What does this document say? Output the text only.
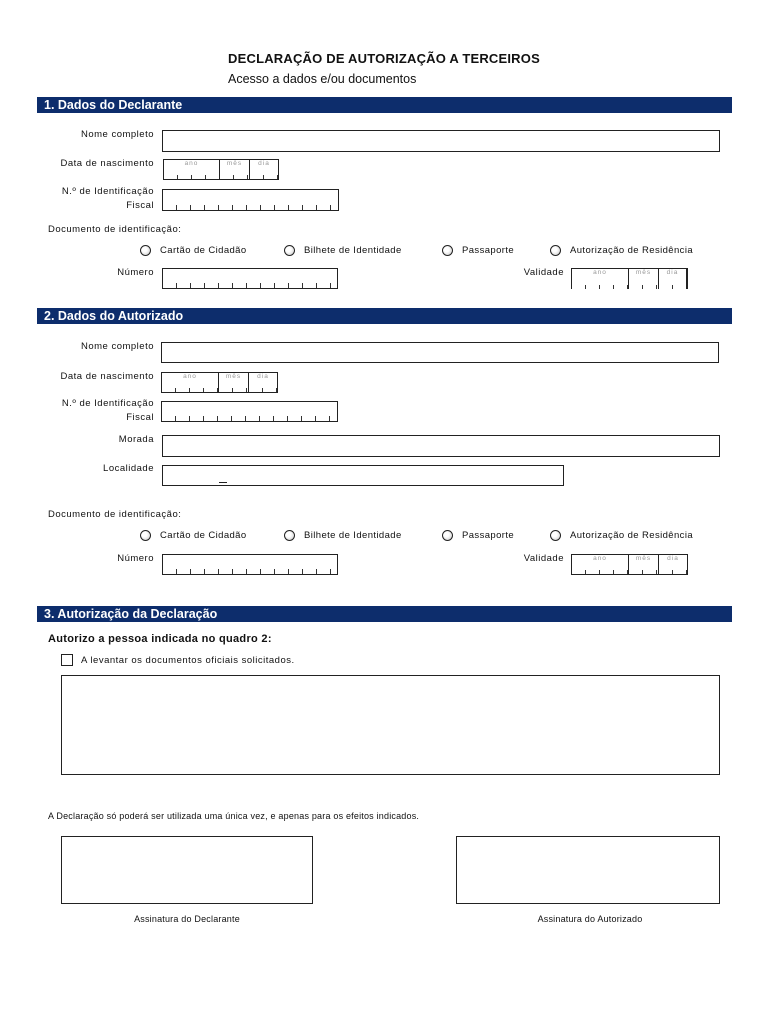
DECLARAÇÃO DE AUTORIZAÇÃO A TERCEIROS
Acesso a dados e/ou documentos
1. Dados do Declarante
Nome completo
Data de nascimento	ano	mês	dia
N.º de Identificação
Fiscal
Documento de identificação:
Cartão de Cidadão	Bilhete de Identidade	Passaporte	Autorização de Residência
Número	Validade	ano	mês	dia
2. Dados do Autorizado
Nome completo
Data de nascimento	ano	mês	dia
N.º de Identificação
Fiscal
Morada
Localidade
Documento de identificação:
Cartão de Cidadão	Bilhete de Identidade	Passaporte	Autorização de Residência
Número	Validade	ano	mês	dia
3. Autorização da Declaração
Autorizo a pessoa indicada no quadro 2:
A levantar os documentos oficiais solicitados.
A Declaração só poderá ser utilizada uma única vez, e apenas para os efeitos indicados.
Assinatura do Declarante	Assinatura do Autorizado
